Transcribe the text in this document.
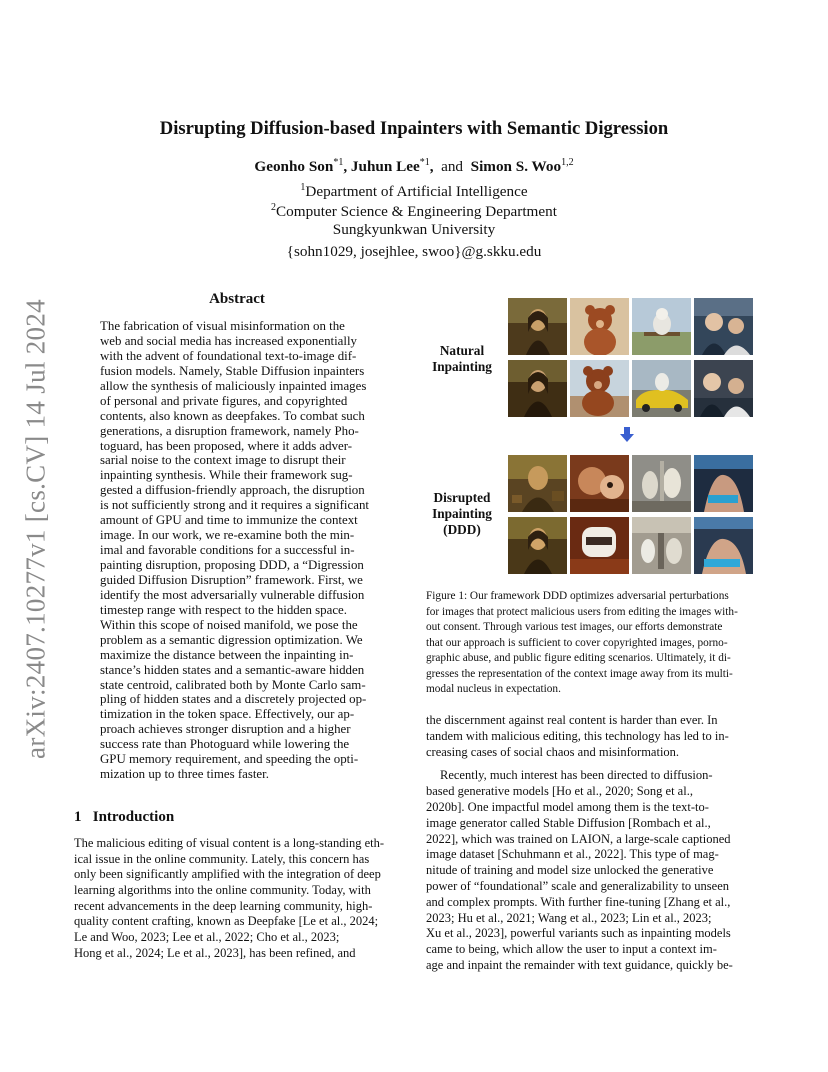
arXiv:2407.10277v1 [cs.CV] 14 Jul 2024
Disrupting Diffusion-based Inpainters with Semantic Digression
Geonho Son$^{*1}$, Juhun Lee$^{*1}$, and Simon S. Woo$^{1,2}$
$^1$Department of Artificial Intelligence
$^2$Computer Science & Engineering Department
Sungkyunkwan University
{sohn1029, josejhlee, swoo}@g.skku.edu
Abstract
The fabrication of visual misinformation on the
web and social media has increased exponentially
with the advent of foundational text-to-image dif-
fusion models. Namely, Stable Diffusion inpainters
allow the synthesis of maliciously inpainted images
of personal and private figures, and copyrighted
contents, also known as deepfakes. To combat such
generations, a disruption framework, namely Pho-
toguard, has been proposed, where it adds adver-
sarial noise to the context image to disrupt their
inpainting synthesis. While their framework sug-
gested a diffusion-friendly approach, the disruption
is not sufficiently strong and it requires a significant
amount of GPU and time to immunize the context
image. In our work, we re-examine both the min-
imal and favorable conditions for a successful in-
painting disruption, proposing DDD, a “Digression
guided Diffusion Disruption” framework. First, we
identify the most adversarially vulnerable diffusion
timestep range with respect to the hidden space.
Within this scope of noised manifold, we pose the
problem as a semantic digression optimization. We
maximize the distance between the inpainting in-
stance’s hidden states and a semantic-aware hidden
state centroid, calibrated both by Monte Carlo sam-
pling of hidden states and a discretely projected op-
timization in the token space. Effectively, our ap-
proach achieves stronger disruption and a higher
success rate than Photoguard while lowering the
GPU memory requirement, and speeding the opti-
mization up to three times faster.
1 Introduction
The malicious editing of visual content is a long-standing eth-
ical issue in the online community. Lately, this concern has
only been significantly amplified with the integration of deep
learning algorithms into the online community. Today, with
recent advancements in the deep learning community, high-
quality content crafting, known as Deepfake [Le et al., 2024;
Le and Woo, 2023; Lee et al., 2022; Cho et al., 2023;
Hong et al., 2024; Le et al., 2023], has been refined, and
Natural
Inpainting
Disrupted
Inpainting
(DDD)
Figure 1: Our framework DDD optimizes adversarial perturbations
for images that protect malicious users from editing the images with-
out consent. Through various test images, our efforts demonstrate
that our approach is sufficient to cover copyrighted images, porno-
graphic abuse, and public figure editing scenarios. Ultimately, it di-
gresses the representation of the context image away from its multi-
modal nucleus in expectation.
the discernment against real content is harder than ever. In
tandem with malicious editing, this technology has led to in-
creasing cases of social chaos and misinformation.
Recently, much interest has been directed to diffusion-
based generative models [Ho et al., 2020; Song et al.,
2020b]. One impactful model among them is the text-to-
image generator called Stable Diffusion [Rombach et al.,
2022], which was trained on LAION, a large-scale captioned
image dataset [Schuhmann et al., 2022]. This type of mag-
nitude of training and model size unlocked the generative
power of “foundational” scale and generalizability to unseen
and complex prompts. With further fine-tuning [Zhang et al.,
2023; Hu et al., 2021; Wang et al., 2023; Lin et al., 2023;
Xu et al., 2023], powerful variants such as inpainting models
came to being, which allow the user to input a context im-
age and inpaint the remainder with text guidance, quickly be-
